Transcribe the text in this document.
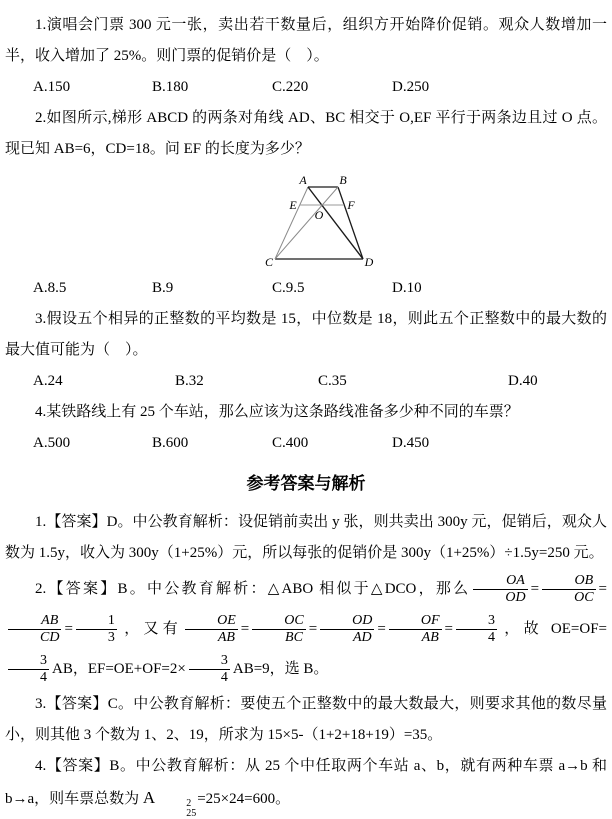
1.演唱会门票 300 元一张，卖出若干数量后，组织方开始降价促销。观众人数增加一半，收入增加了 25%。则门票的促销价是（　）。

A.150	B.180	C.220	D.250

2.如图所示,梯形 ABCD 的两条对角线 AD、BC 相交于 O,EF 平行于两条边且过 O 点。现已知 AB=6，CD=18。问 EF 的长度为多少？

A	B
E	F
O
C	D
A.8.5	B.9	C.9.5	D.10

3.假设五个相异的正整数的平均数是 15，中位数是 18，则此五个正整数中的最大数的最大值可能为（　）。

A.24	B.32	C.35	D.40

4.某铁路线上有 25 个车站，那么应该为这条路线准备多少种不同的车票？

A.500	B.600	C.400	D.450
参考答案与解析

1.【答案】D。中公教育解析：设促销前卖出 y 张，则共卖出 300y 元，促销后，观众人数为 1.5y，收入为 300y（1+25%）元，所以每张的促销价是 300y（1+25%）÷1.5y=250 元。

2.【答案】B。中公教育解析：△ABO 相似于△DCO，那么 $\frac{OA}{OD} = \frac{OB}{OC}$ =
$\frac{AB}{CD} = \frac{1}{3}$ ，又有 $\frac{OE}{AB} = \frac{OC}{BC} = \frac{OD}{AD} = \frac{OF}{AB} = \frac{3}{4}$ ，故 OE=OF=
$\frac{3}{4}$ AB，$EF=OE+OF=2\times \frac{3}{4} AB=9$，选 B。

3.【答案】C。中公教育解析：要使五个正整数中的最大数最大，则要求其他的数尽量小，则其他 3 个数为 1、2、19，所求为 15×5-（1+2+18+19）=35。

4.【答案】B。中公教育解析：从 25 个中任取两个车站 a、b，就有两种车票 a→b 和 b→a，则车票总数为 A	2
25
=25×24=600。
